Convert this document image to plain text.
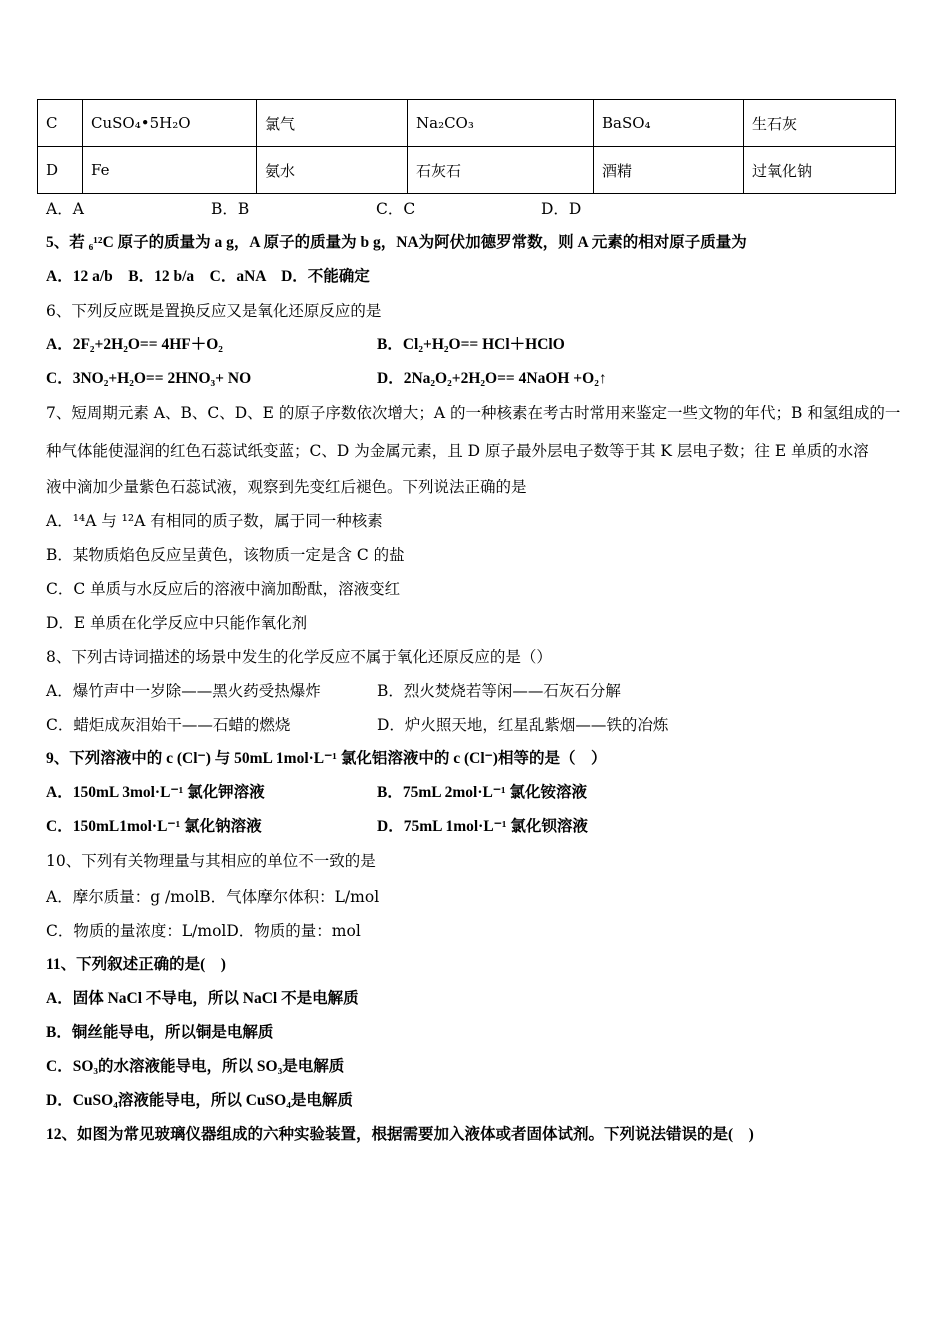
C	CuSO₄•5H₂O	氯气	Na₂CO₃	BaSO₄	生石灰
D	Fe	氨水	石灰石	酒精	过氧化钠
A．A	B．B	C．C	D．D
5、若 ₆¹²C 原子的质量为 a g，A 原子的质量为 b g，NA为阿伏加德罗常数，则 A 元素的相对原子质量为
A．12 a/b　B．12 b/a　C．aNA　D．不能确定
6、下列反应既是置换反应又是氧化还原反应的是
A．2F₂+2H₂O== 4HF＋O₂	B．Cl₂+H₂O== HCl＋HClO
C．3NO₂+H₂O== 2HNO₃+ NO	D．2Na₂O₂+2H₂O== 4NaOH +O₂↑
7、短周期元素 A、B、C、D、E 的原子序数依次增大；A 的一种核素在考古时常用来鉴定一些文物的年代；B 和氢组成的一
种气体能使湿润的红色石蕊试纸变蓝；C、D 为金属元素，且 D 原子最外层电子数等于其 K 层电子数；往 E 单质的水溶
液中滴加少量紫色石蕊试液，观察到先变红后褪色。下列说法正确的是
A．¹⁴A 与 ¹²A 有相同的质子数，属于同一种核素
B．某物质焰色反应呈黄色，该物质一定是含 C 的盐
C．C 单质与水反应后的溶液中滴加酚酞，溶液变红
D．E 单质在化学反应中只能作氧化剂
8、下列古诗词描述的场景中发生的化学反应不属于氧化还原反应的是（）
A．爆竹声中一岁除——黑火药受热爆炸	B．烈火焚烧若等闲——石灰石分解
C．蜡炬成灰泪始干——石蜡的燃烧	D．炉火照天地，红星乱紫烟——铁的冶炼
9、下列溶液中的 c (Cl⁻) 与 50mL 1mol·L⁻¹ 氯化铝溶液中的 c (Cl⁻)相等的是（　）
A．150mL 3mol·L⁻¹ 氯化钾溶液	B．75mL 2mol·L⁻¹ 氯化铵溶液
C．150mL1mol·L⁻¹ 氯化钠溶液	D．75mL 1mol·L⁻¹ 氯化钡溶液
10、下列有关物理量与其相应的单位不一致的是
A．摩尔质量：g /molB．气体摩尔体积：L/mol
C．物质的量浓度：L/molD．物质的量：mol
11、下列叙述正确的是(　)
A．固体 NaCl 不导电，所以 NaCl 不是电解质
B．铜丝能导电，所以铜是电解质
C．SO₃的水溶液能导电，所以 SO₃是电解质
D．CuSO₄溶液能导电，所以 CuSO₄是电解质
12、如图为常见玻璃仪器组成的六种实验装置，根据需要加入液体或者固体试剂。下列说法错误的是(　)
